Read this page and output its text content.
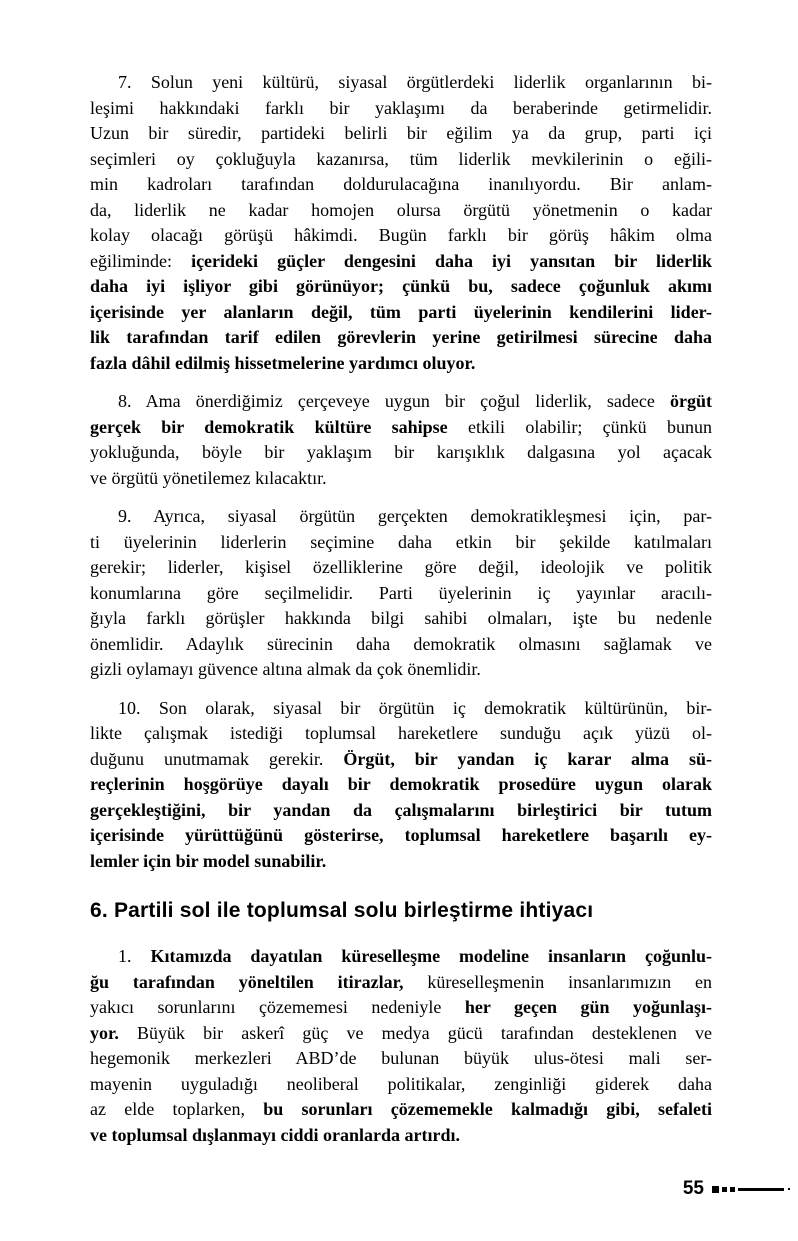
7. Solun yeni kültürü, siyasal örgütlerdeki liderlik organlarının bi-
leşimi hakkındaki farklı bir yaklaşımı da beraberinde getirmelidir.
Uzun bir süredir, partideki belirli bir eğilim ya da grup, parti içi
seçimleri oy çokluğuyla kazanırsa, tüm liderlik mevkilerinin o eğili-
min kadroları tarafından doldurulacağına inanılıyordu. Bir anlam-
da, liderlik ne kadar homojen olursa örgütü yönetmenin o kadar
kolay olacağı görüşü hâkimdi. Bugün farklı bir görüş hâkim olma
eğiliminde: içerideki güçler dengesini daha iyi yansıtan bir liderlik
daha iyi işliyor gibi görünüyor; çünkü bu, sadece çoğunluk akımı
içerisinde yer alanların değil, tüm parti üyelerinin kendilerini lider-
lik tarafından tarif edilen görevlerin yerine getirilmesi sürecine daha
fazla dâhil edilmiş hissetmelerine yardımcı oluyor.
8. Ama önerdiğimiz çerçeveye uygun bir çoğul liderlik, sadece örgüt
gerçek bir demokratik kültüre sahipse etkili olabilir; çünkü bunun
yokluğunda, böyle bir yaklaşım bir karışıklık dalgasına yol açacak
ve örgütü yönetilemez kılacaktır.
9. Ayrıca, siyasal örgütün gerçekten demokratikleşmesi için, par-
ti üyelerinin liderlerin seçimine daha etkin bir şekilde katılmaları
gerekir; liderler, kişisel özelliklerine göre değil, ideolojik ve politik
konumlarına göre seçilmelidir. Parti üyelerinin iç yayınlar aracılı-
ğıyla farklı görüşler hakkında bilgi sahibi olmaları, işte bu nedenle
önemlidir. Adaylık sürecinin daha demokratik olmasını sağlamak ve
gizli oylamayı güvence altına almak da çok önemlidir.
10. Son olarak, siyasal bir örgütün iç demokratik kültürünün, bir-
likte çalışmak istediği toplumsal hareketlere sunduğu açık yüzü ol-
duğunu unutmamak gerekir. Örgüt, bir yandan iç karar alma sü-
reçlerinin hoşgörüye dayalı bir demokratik prosedüre uygun olarak
gerçekleştiğini, bir yandan da çalışmalarını birleştirici bir tutum
içerisinde yürüttüğünü gösterirse, toplumsal hareketlere başarılı ey-
lemler için bir model sunabilir.
6. Partili sol ile toplumsal solu birleştirme ihtiyacı
1. Kıtamızda dayatılan küreselleşme modeline insanların çoğunlu-
ğu tarafından yöneltilen itirazlar, küreselleşmenin insanlarımızın en
yakıcı sorunlarını çözememesi nedeniyle her geçen gün yoğunlaşı-
yor. Büyük bir askerî güç ve medya gücü tarafından desteklenen ve
hegemonik merkezleri ABD’de bulunan büyük ulus-ötesi mali ser-
mayenin uyguladığı neoliberal politikalar, zenginliği giderek daha
az elde toplarken, bu sorunları çözememekle kalmadığı gibi, sefaleti
ve toplumsal dışlanmayı ciddi oranlarda artırdı.
55
